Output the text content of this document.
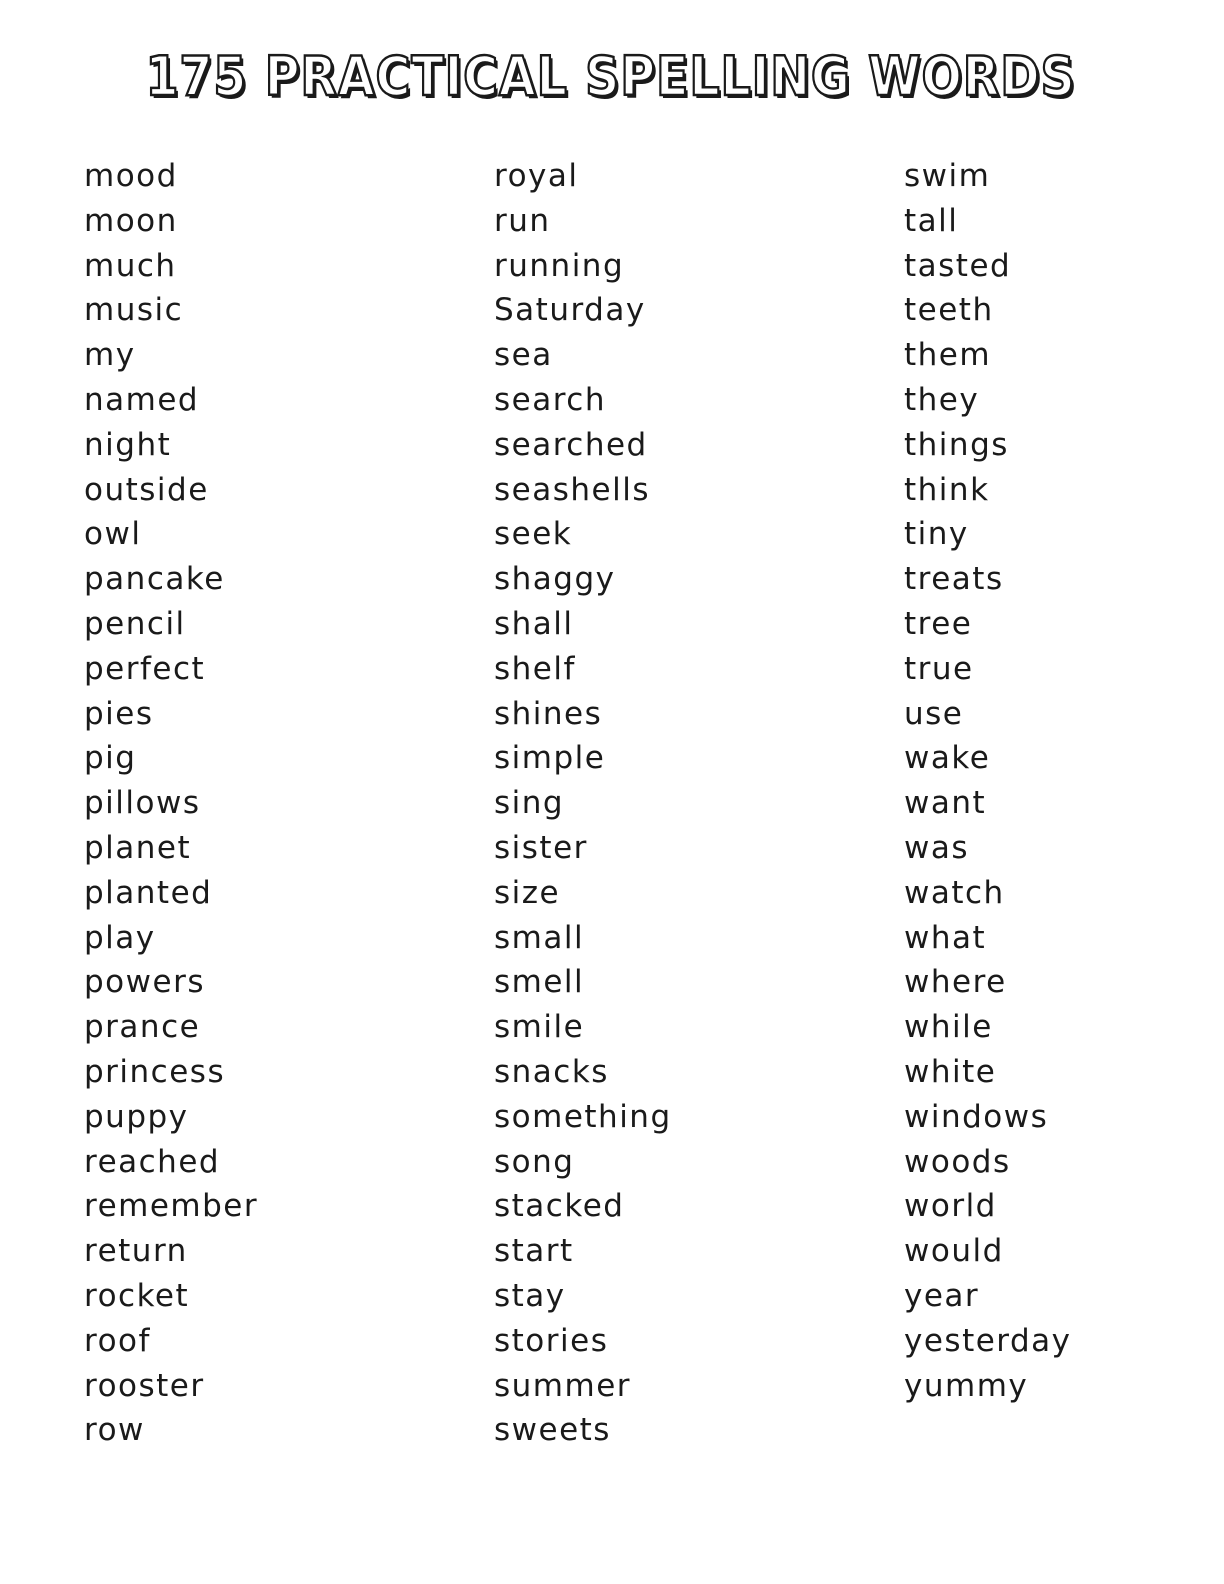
175 PRACTICAL SPELLING WORDS
mood
moon
much
music
my
named
night
outside
owl
pancake
pencil
perfect
pies
pig
pillows
planet
planted
play
powers
prance
princess
puppy
reached
remember
return
rocket
roof
rooster
row
royal
run
running
Saturday
sea
search
searched
seashells
seek
shaggy
shall
shelf
shines
simple
sing
sister
size
small
smell
smile
snacks
something
song
stacked
start
stay
stories
summer
sweets
swim
tall
tasted
teeth
them
they
things
think
tiny
treats
tree
true
use
wake
want
was
watch
what
where
while
white
windows
woods
world
would
year
yesterday
yummy
